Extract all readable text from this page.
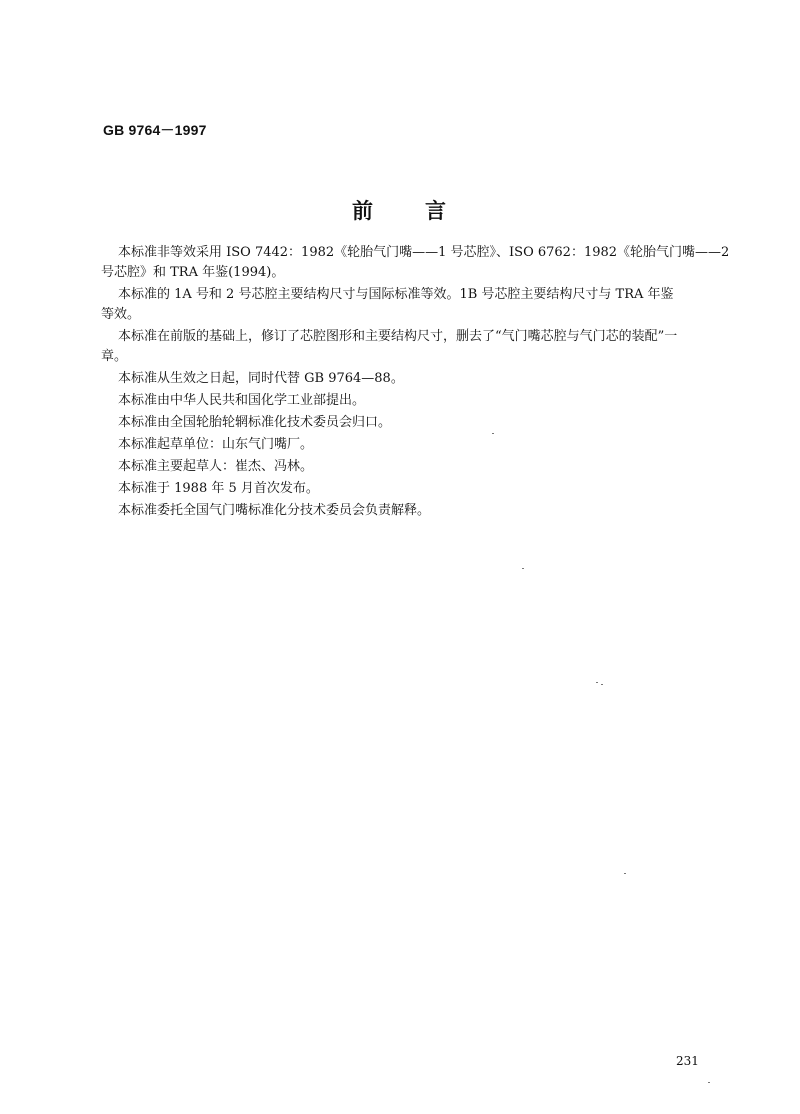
GB 9764－1997
前 言
本标准非等效采用 ISO 7442：1982《轮胎气门嘴——1 号芯腔》、ISO 6762：1982《轮胎气门嘴——2
号芯腔》和 TRA 年鉴(1994)。
本标准的 1A 号和 2 号芯腔主要结构尺寸与国际标准等效。1B 号芯腔主要结构尺寸与 TRA 年鉴
等效。
本标准在前版的基础上，修订了芯腔图形和主要结构尺寸，删去了“气门嘴芯腔与气门芯的装配”一
章。
本标准从生效之日起，同时代替 GB 9764—88。
本标准由中华人民共和国化学工业部提出。
本标准由全国轮胎轮辋标准化技术委员会归口。
本标准起草单位：山东气门嘴厂。
本标准主要起草人：崔杰、冯林。
本标准于 1988 年 5 月首次发布。
本标准委托全国气门嘴标准化分技术委员会负责解释。
231
